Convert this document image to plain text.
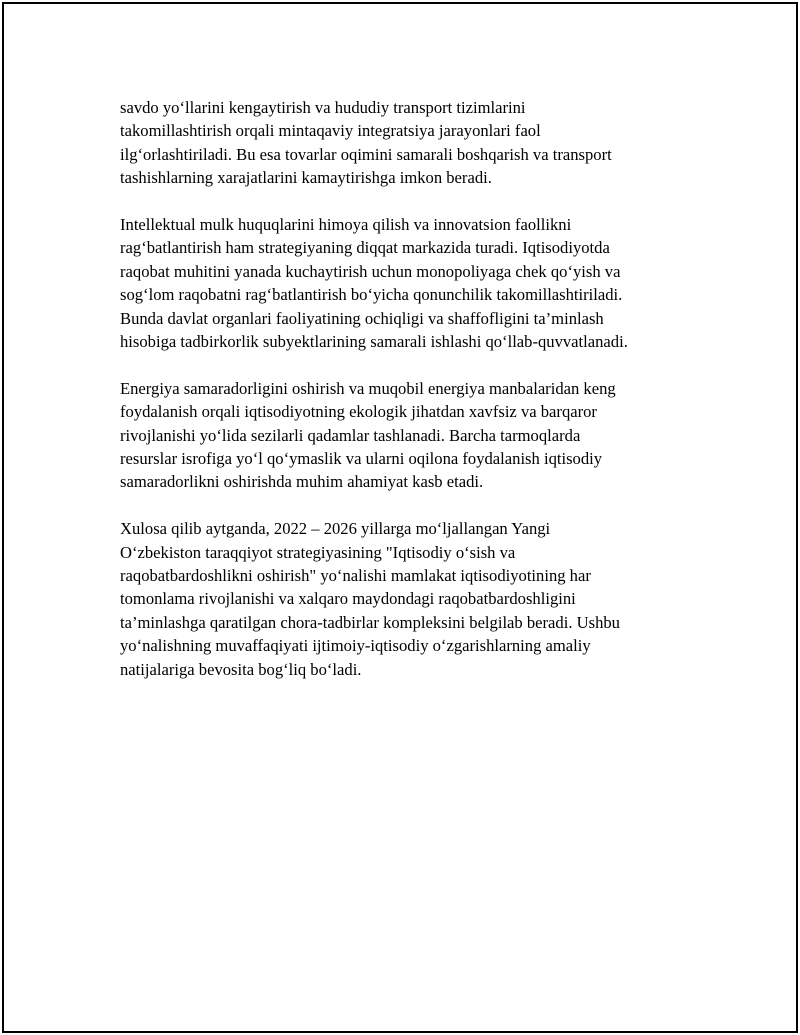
savdo yo‘llarini kengaytirish va hududiy transport tizimlarini
takomillashtirish orqali mintaqaviy integratsiya jarayonlari faol
ilg‘orlashtiriladi. Bu esa tovarlar oqimini samarali boshqarish va transport
tashishlarning xarajatlarini kamaytirishga imkon beradi.

Intellektual mulk huquqlarini himoya qilish va innovatsion faollikni
rag‘batlantirish ham strategiyaning diqqat markazida turadi. Iqtisodiyotda
raqobat muhitini yanada kuchaytirish uchun monopoliyaga chek qo‘yish va
sog‘lom raqobatni rag‘batlantirish bo‘yicha qonunchilik takomillashtiriladi.
Bunda davlat organlari faoliyatining ochiqligi va shaffofligini ta’minlash
hisobiga tadbirkorlik subyektlarining samarali ishlashi qo‘llab-quvvatlanadi.

Energiya samaradorligini oshirish va muqobil energiya manbalaridan keng
foydalanish orqali iqtisodiyotning ekologik jihatdan xavfsiz va barqaror
rivojlanishi yo‘lida sezilarli qadamlar tashlanadi. Barcha tarmoqlarda
resurslar isrofiga yo‘l qo‘ymaslik va ularni oqilona foydalanish iqtisodiy
samaradorlikni oshirishda muhim ahamiyat kasb etadi.

Xulosa qilib aytganda, 2022 – 2026 yillarga mo‘ljallangan Yangi
O‘zbekiston taraqqiyot strategiyasining "Iqtisodiy o‘sish va
raqobatbardoshlikni oshirish" yo‘nalishi mamlakat iqtisodiyotining har
tomonlama rivojlanishi va xalqaro maydondagi raqobatbardoshligini
ta’minlashga qaratilgan chora-tadbirlar kompleksini belgilab beradi. Ushbu
yo‘nalishning muvaffaqiyati ijtimoiy-iqtisodiy o‘zgarishlarning amaliy
natijalariga bevosita bog‘liq bo‘ladi.
